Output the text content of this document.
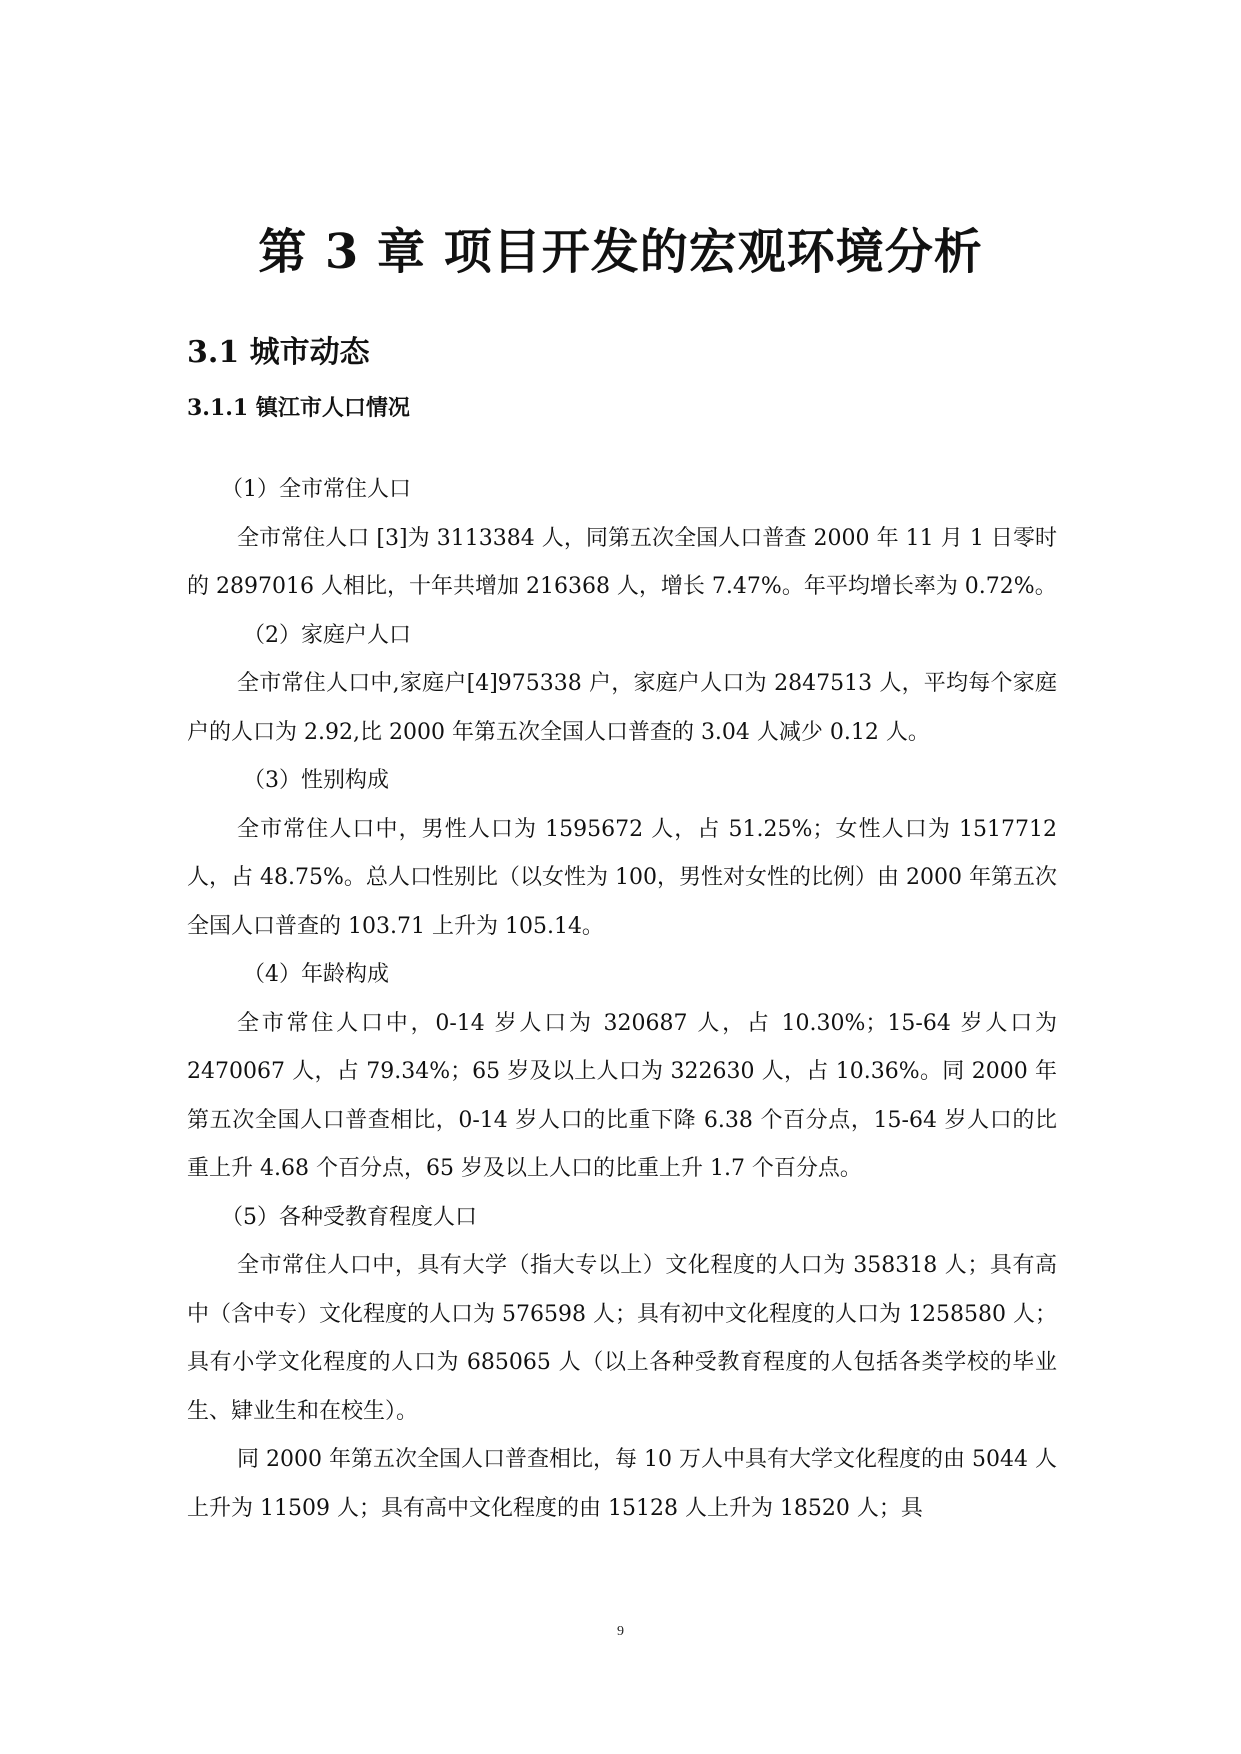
第 3 章 项目开发的宏观环境分析
3.1 城市动态
3.1.1 镇江市人口情况

（1）全市常住人口

全市常住人口 [3]为 3113384 人，同第五次全国人口普查 2000 年 11 月 1 日零时的 2897016 人相比，十年共增加 216368 人，增长 7.47%。年平均增长率为 0.72%。

（2）家庭户人口

全市常住人口中,家庭户[4]975338 户，家庭户人口为 2847513 人，平均每个家庭户的人口为 2.92,比 2000 年第五次全国人口普查的 3.04 人减少 0.12 人。

（3）性别构成

全市常住人口中，男性人口为 1595672 人，占 51.25%；女性人口为 1517712 人，占 48.75%。总人口性别比（以女性为 100，男性对女性的比例）由 2000 年第五次全国人口普查的 103.71 上升为 105.14。

（4）年龄构成

全市常住人口中，0-14 岁人口为 320687 人，占 10.30%；15-64 岁人口为 2470067 人，占 79.34%；65 岁及以上人口为 322630 人，占 10.36%。同 2000 年第五次全国人口普查相比，0-14 岁人口的比重下降 6.38 个百分点，15-64 岁人口的比重上升 4.68 个百分点，65 岁及以上人口的比重上升 1.7 个百分点。

（5）各种受教育程度人口

全市常住人口中，具有大学（指大专以上）文化程度的人口为 358318 人；具有高中（含中专）文化程度的人口为 576598 人；具有初中文化程度的人口为 1258580 人；具有小学文化程度的人口为 685065 人（以上各种受教育程度的人包括各类学校的毕业生、肄业生和在校生）。

同 2000 年第五次全国人口普查相比，每 10 万人中具有大学文化程度的由 5044 人上升为 11509 人；具有高中文化程度的由 15128 人上升为 18520 人；具

9
